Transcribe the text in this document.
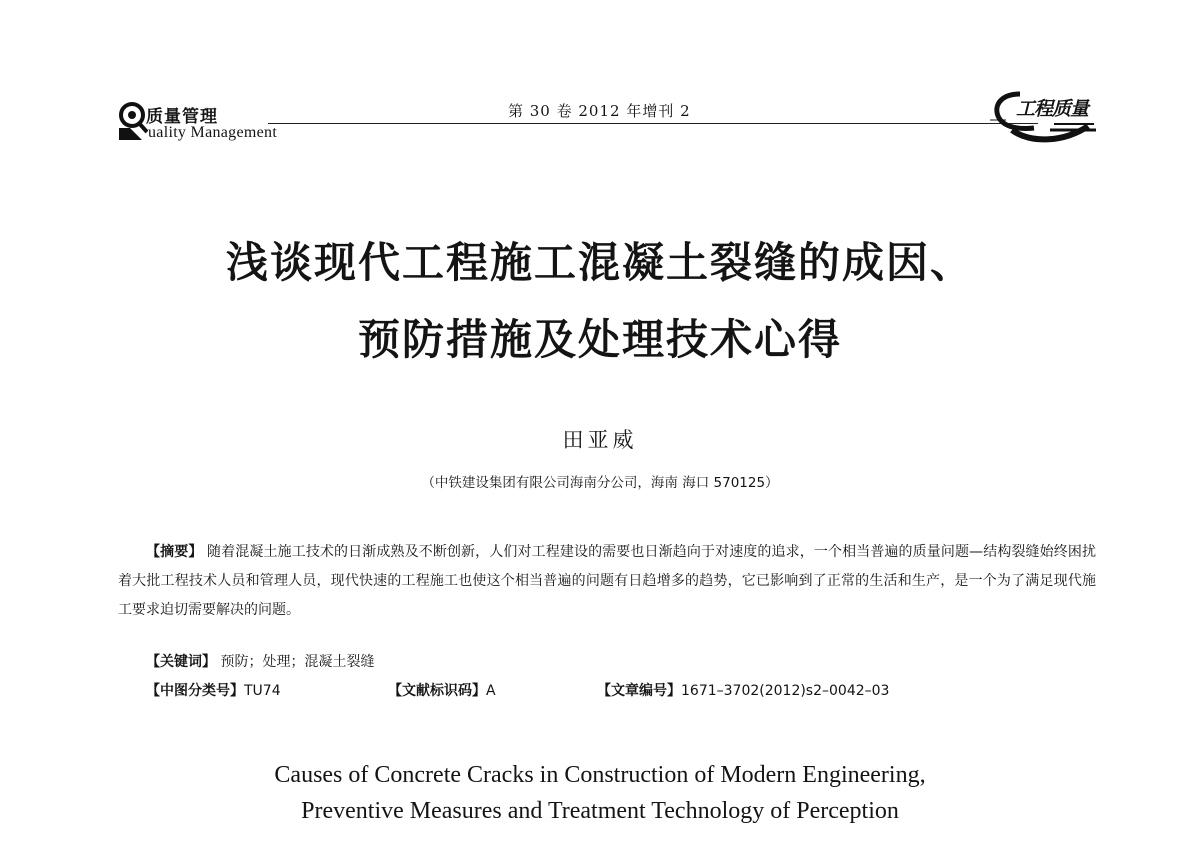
质量管理
uality Management
第 30 卷 2012 年增刊 2	工程质量
浅谈现代工程施工混凝土裂缝的成因、
预防措施及处理技术心得
田亚威
（中铁建设集团有限公司海南分公司，海南 海口 570125）
【摘要】 随着混凝土施工技术的日渐成熟及不断创新，人们对工程建设的需要也日渐趋向于对速度的追求，一个相当普遍的质量问题—结构裂缝始终困扰着大批工程技术人员和管理人员，现代快速的工程施工也使这个相当普遍的问题有日趋增多的趋势，它已影响到了正常的生活和生产，是一个为了满足现代施工要求迫切需要解决的问题。
【关键词】 预防；处理；混凝土裂缝
【中图分类号】TU74	【文献标识码】A	【文章编号】1671–3702(2012)s2–0042–03
Causes of Concrete Cracks in Construction of Modern Engineering,
Preventive Measures and Treatment Technology of Perception
